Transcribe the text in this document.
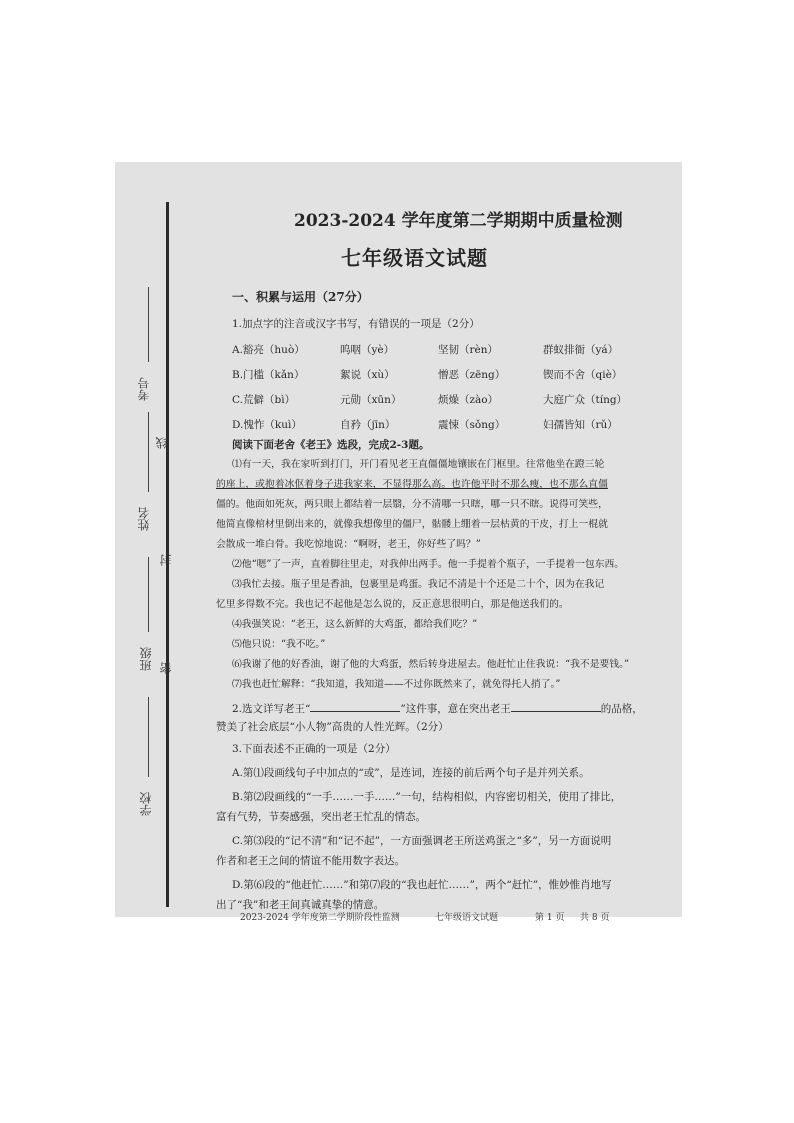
考号
线
姓名
封
班级 密
学校
2023-2024 学年度第二学期期中质量检测
七年级语文试题
一、积累与运用（27分）
1.加点字的注音或汉字书写，有错误的一项是（2分）
A.豁亮（huò）	呜咽（yè）	坚韧（rèn）	群蚁排衙（yá）
B.门槛（kǎn）	絮说（xù）	憎恶（zēng）	锲而不舍（qiè）
C.荒僻（bì）	元勋（xūn）	烦燥（zào）	大庭广众（tíng）
D.愧怍（kuì）	自矜（jīn）	震悚（sǒng）	妇孺皆知（rǔ）
阅读下面老舍《老王》选段，完成2-3题。
⑴有一天，我在家听到打门，开门看见老王直僵僵地镶嵌在门框里。往常他坐在蹬三轮
的座上，或抱着冰伛着身子进我家来，不显得那么高。也许他平时不那么瘦，也不那么直僵
僵的。他面如死灰，两只眼上都结着一层翳，分不清哪一只瞎，哪一只不瞎。说得可笑些，
他简直像棺材里倒出来的，就像我想像里的僵尸，骷髅上绷着一层枯黄的干皮，打上一棍就
会散成一堆白骨。我吃惊地说：“啊呀，老王，你好些了吗？”
⑵他“嗯”了一声，直着脚往里走，对我伸出两手。他一手提着个瓶子，一手提着一包东西。
⑶我忙去接。瓶子里是香油，包裹里是鸡蛋。我记不清是十个还是二十个，因为在我记
忆里多得数不完。我也记不起他是怎么说的，反正意思很明白，那是他送我们的。
⑷我强笑说：“老王，这么新鲜的大鸡蛋，都给我们吃？”
⑸他只说：“我不吃。”
⑹我谢了他的好香油，谢了他的大鸡蛋，然后转身进屋去。他赶忙止住我说：“我不是要钱。”
⑺我也赶忙解释：“我知道，我知道——不过你既然来了，就免得托人捎了。”
2.选文详写老王“	”这件事，意在突出老王	的品格，
赞美了社会底层“小人物”高贵的人性光辉。（2分）
3.下面表述不正确的一项是（2分）
A.第⑴段画线句子中加点的“或”，是连词，连接的前后两个句子是并列关系。
B.第⑵段画线的“一手……一手……”一句，结构相似，内容密切相关，使用了排比，
富有气势，节奏感强，突出老王忙乱的情态。
C.第⑶段的“记不清”和“记不起”，一方面强调老王所送鸡蛋之“多”，另一方面说明
作者和老王之间的情谊不能用数字表达。
D.第⑹段的“他赶忙……”和第⑺段的“我也赶忙……”，两个“赶忙”，惟妙惟肖地写
出了“我”和老王间真诚真挚的情意。
2023-2024 学年度第二学期阶段性监测	七年级语文试题	第 1 页 共 8 页
